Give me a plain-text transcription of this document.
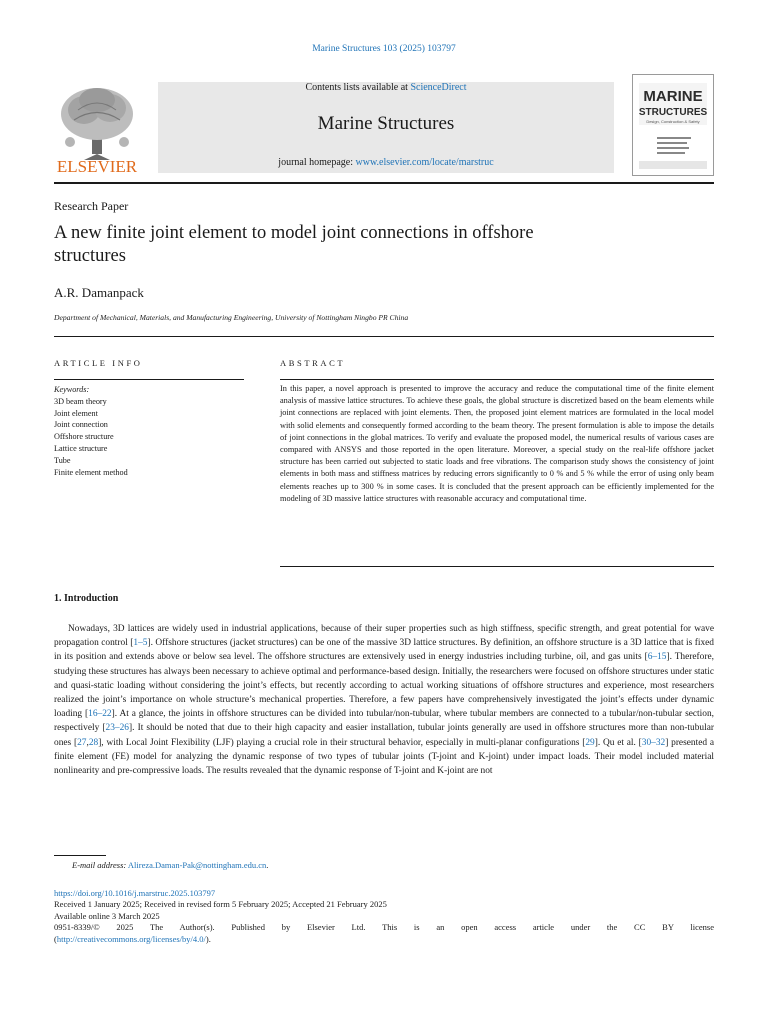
Marine Structures 103 (2025) 103797
ELSEVIER
Contents lists available at ScienceDirect
Marine Structures
journal homepage: www.elsevier.com/locate/marstruc
MARINE
STRUCTURES
Design, Construction & Safety
Research Paper
A new finite joint element to model joint connections in offshore structures
A.R. Damanpack
Department of Mechanical, Materials, and Manufacturing Engineering, University of Nottingham Ningbo PR China
ARTICLE INFO	ABSTRACT
Keywords:
3D beam theory
Joint element
Joint connection
Offshore structure
Lattice structure
Tube
Finite element method
In this paper, a novel approach is presented to improve the accuracy and reduce the computational time of the finite element analysis of massive lattice structures. To achieve these goals, the global structure is discretized based on the beam elements while joint connections are replaced with joint elements. Then, the proposed joint element matrices are formulated in the local model with solid elements and consequently formed according to the beam theory. The present formulation is able to impose the details of joint connections in the global matrices. To verify and evaluate the proposed model, the numerical results of various cases are compared with ANSYS and those reported in the open literature. Moreover, a special study on the real-life offshore jacket structure has been carried out subjected to static loads and free vibrations. The comparison study shows the consistency of joint elements in both mass and stiffness matrices by reducing errors significantly to 0 % and 5 % while the error of using only beam elements reaches up to 300 % in some cases. It is concluded that the present approach can be efficiently implemented for the modeling of 3D massive lattice structures with reasonable accuracy and computational time.
1. Introduction
Nowadays, 3D lattices are widely used in industrial applications, because of their super properties such as high stiffness, specific strength, and great potential for wave propagation control [1–5]. Offshore structures (jacket structures) can be one of the massive 3D lattice structures. By definition, an offshore structure is a 3D lattice that is fixed in its position and extends above or below sea level. The offshore structures are extensively used in energy industries including turbine, oil, and gas units [6–15]. Therefore, studying these structures has always been necessary to achieve optimal and performance-based design. Initially, the researchers were focused on offshore structures under static and quasi-static loading without considering the joint’s effects, but recently according to actual working situations of offshore structures and experience, most researchers realized the joint’s importance on whole structure’s mechanical properties. Therefore, a few papers have comprehensively investigated the joint’s effects under dynamic loading [16–22]. At a glance, the joints in offshore structures can be divided into tubular/non-tubular, where tubular members are connected to a tubular/non-tubular section, respectively [23–26]. It should be noted that due to their high capacity and easier installation, tubular joints generally are used in offshore structures more than non-tubular ones [27,28], with Local Joint Flexibility (LJF) playing a crucial role in their structural behavior, especially in multi-planar configurations [29]. Qu et al. [30–32] presented a finite element (FE) model for analyzing the dynamic response of two types of tubular joints (T-joint and K-joint) under impact loads. Their model included material nonlinearity and pre-compressive loads. The results revealed that the dynamic response of T-joint and K-joint are not
E-mail address: Alireza.Daman-Pak@nottingham.edu.cn.
https://doi.org/10.1016/j.marstruc.2025.103797
Received 1 January 2025; Received in revised form 5 February 2025; Accepted 21 February 2025
Available online 3 March 2025
0951-8339/© 2025 The Author(s). Published by Elsevier Ltd. This is an open access article under the CC BY license
(http://creativecommons.org/licenses/by/4.0/).
